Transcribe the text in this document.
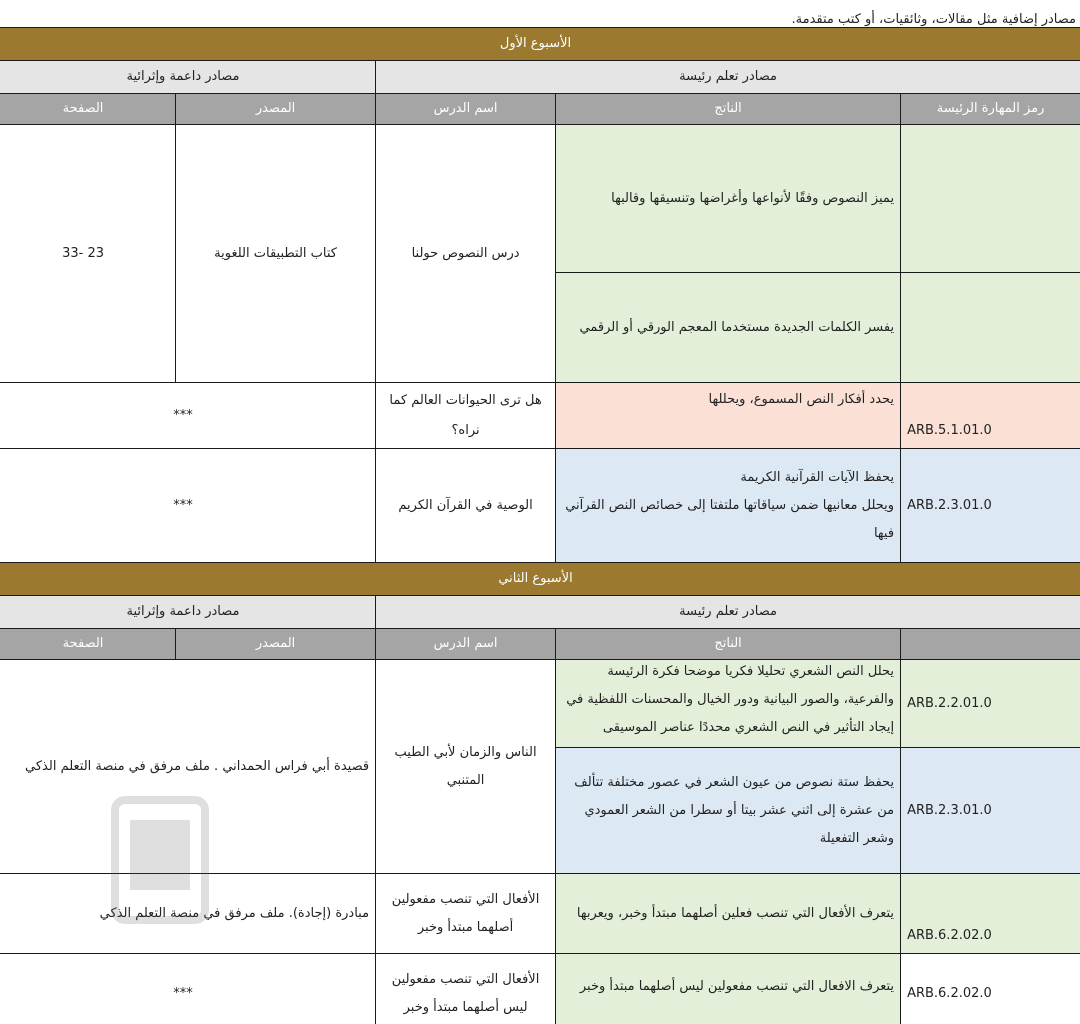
مصادر إضافية مثل مقالات، وثائقيات، أو كتب متقدمة.
الأسبوع الأول				
مصادر تعلم رئيسة			مصادر داعمة وإثرائية	
رمز المهارة الرئيسة	الناتج	اسم الدرس	المصدر	الصفحة
	يميز النصوص وفقًا لأنواعها وأغراضها وتنسيقها وقالبها	درس النصوص حولنا	كتاب التطبيقات اللغوية	23 -33
	يفسر الكلمات الجديدة مستخدما المعجم الورقي أو الرقمي			
ARB.5.1.01.0	يحدد أفكار النص المسموع، ويحللها	هل ترى الحيوانات العالم كما نراه؟	***	
ARB.2.3.01.0	يحفظ الآيات القرآنية الكريمة
ويحلل معانيها ضمن سياقاتها ملتفتا إلى خصائص النص القرآني فيها	الوصية في القرآن الكريم	***	
الأسبوع الثاني				
مصادر تعلم رئيسة			مصادر داعمة وإثرائية	
	الناتج	اسم الدرس	المصدر	الصفحة
ARB.2.2.01.0	يحلل النص الشعري تحليلا فكريا موضحا فكرة الرئيسة والفرعية، والصور البيانية ودور الخيال والمحسنات اللفظية في إيجاد التأثير في النص الشعري محددًا عناصر الموسيقى	الناس والزمان لأبي الطيب المتنبي	قصيدة أبي فراس الحمداني . ملف مرفق في منصة التعلم الذكي	
ARB.2.3.01.0	يحفظ ستة نصوص من عيون الشعر في عصور مختلفة تتألف من عشرة إلى اثني عشر بيتا أو سطرا من الشعر العمودي وشعر التفعيلة			
ARB.6.2.02.0	يتعرف الأفعال التي تنصب فعلين أصلهما مبتدأ وخبر، ويعربها	الأفعال التي تنصب مفعولين أصلهما مبتدأ وخبر	مبادرة (إجادة). ملف مرفق في منصة التعلم الذكي	
ARB.6.2.02.0	يتعرف الافعال التي تنصب مفعولين ليس أصلهما مبتدأ وخبر	الأفعال التي تنصب مفعولين ليس أصلهما مبتدأ وخبر	***	
